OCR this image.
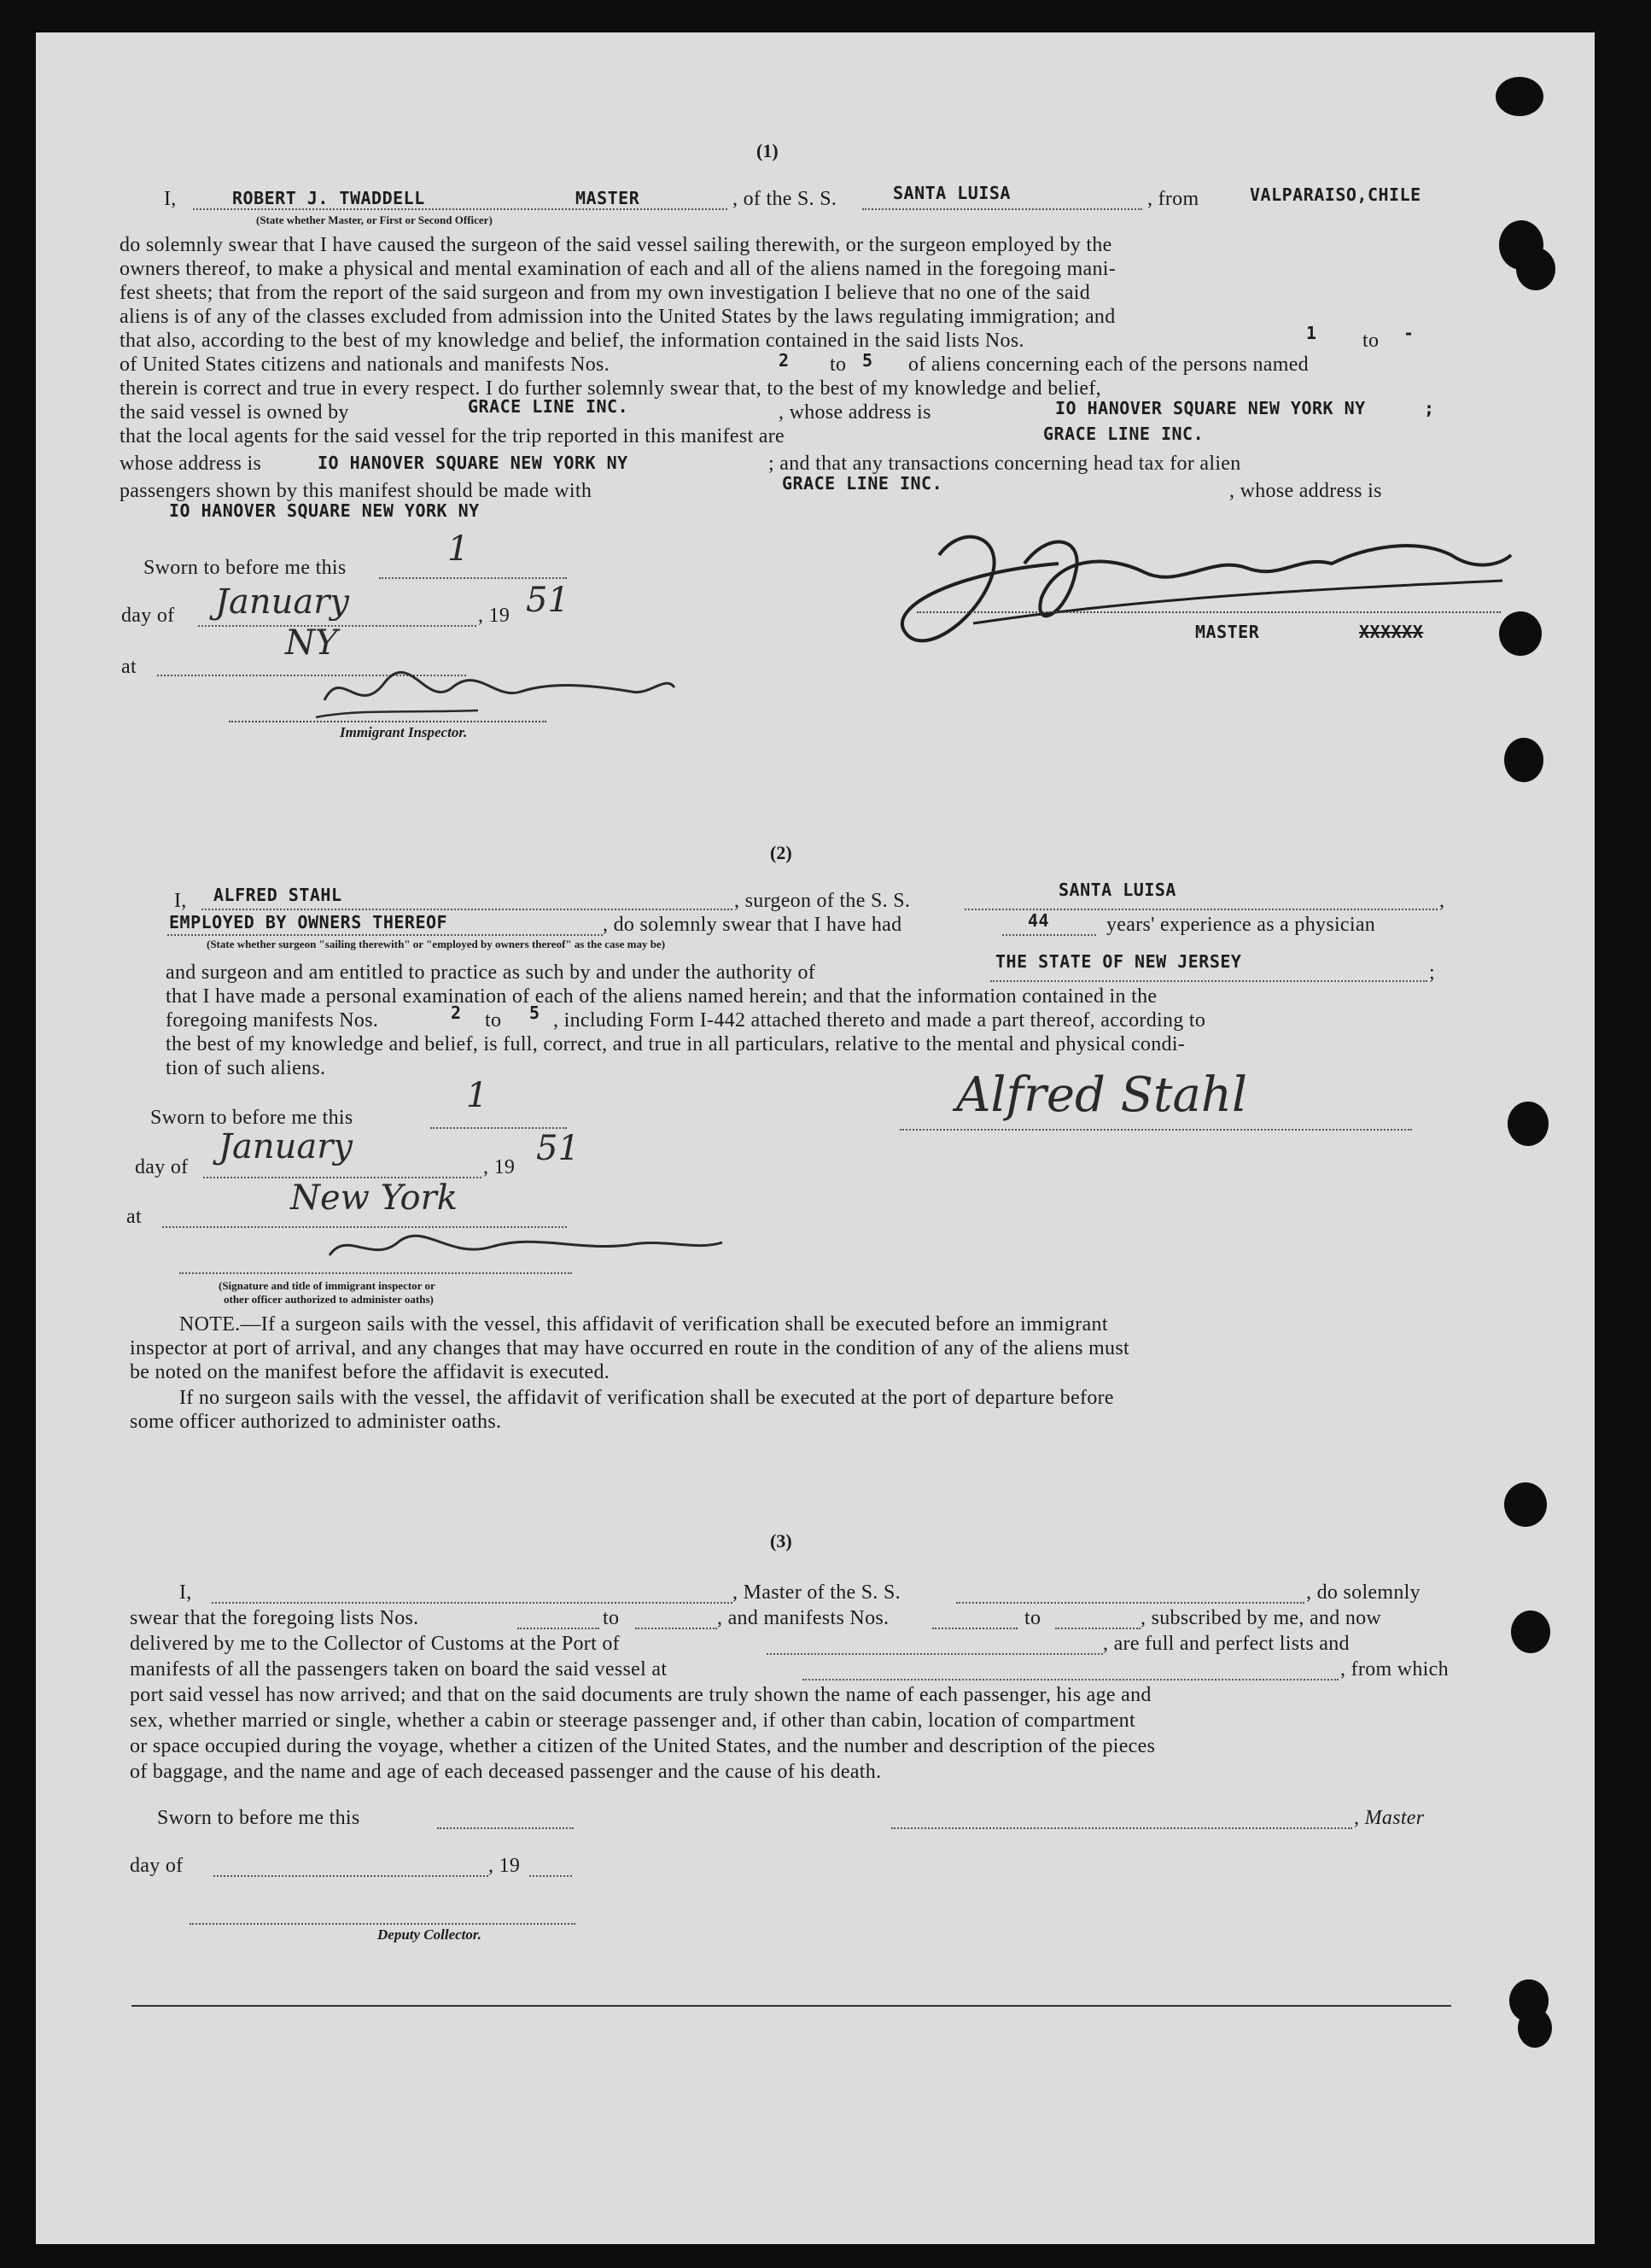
(1)
I,	ROBERT J. TWADDELL	MASTER	, of the S. S.	SANTA LUISA	, from	VALPARAISO,CHILE
(State whether Master, or First or Second Officer)
do solemnly swear that I have caused the surgeon of the said vessel sailing therewith, or the surgeon employed by the
owners thereof, to make a physical and mental examination of each and all of the aliens named in the foregoing mani-
fest sheets; that from the report of the said surgeon and from my own investigation I believe that no one of the said
aliens is of any of the classes excluded from admission into the United States by the laws regulating immigration; and
that also, according to the best of my knowledge and belief, the information contained in the said lists Nos.	1 to -
of United States citizens and nationals and manifests Nos.	2 to 5 of aliens concerning each of the persons named
therein is correct and true in every respect. I do further solemnly swear that, to the best of my knowledge and belief,
the said vessel is owned by	GRACE LINE INC.	, whose address is	IO HANOVER SQUARE NEW YORK NY	;
that the local agents for the said vessel for the trip reported in this manifest are	GRACE LINE INC.
whose address is	IO HANOVER SQUARE NEW YORK NY	; and that any transactions concerning head tax for alien
passengers shown by this manifest should be made with	GRACE LINE INC.	, whose address is
IO HANOVER SQUARE NEW YORK NY
Sworn to before me this	1
day of January	, 19 51
at
NY
Immigrant Inspector.
MASTER	XXXXXX
(2)
I, ALFRED STAHL	, surgeon of the S. S.	SANTA LUISA	,
EMPLOYED BY OWNERS THEREOF	, do solemnly swear that I have had	44	years' experience as a physician
(State whether surgeon "sailing therewith" or "employed by owners thereof" as the case may be)
and surgeon and am entitled to practice as such by and under the authority of	THE STATE OF NEW JERSEY	;
that I have made a personal examination of each of the aliens named herein; and that the information contained in the
foregoing manifests Nos.	2 to 5 , including Form I-442 attached thereto and made a part thereof, according to
the best of my knowledge and belief, is full, correct, and true in all particulars, relative to the mental and physical condi-
tion of such aliens.	Alfred Stahl
Sworn to before me this
1
day of
January
, 19 51
at	New York
(Signature and title of immigrant inspector or
other officer authorized to administer oaths)
NOTE.—If a surgeon sails with the vessel, this affidavit of verification shall be executed before an immigrant
inspector at port of arrival, and any changes that may have occurred en route in the condition of any of the aliens must
be noted on the manifest before the affidavit is executed.
If no surgeon sails with the vessel, the affidavit of verification shall be executed at the port of departure before
some officer authorized to administer oaths.
(3)
I,	, Master of the S. S.	, do solemnly
swear that the foregoing lists Nos.	to	, and manifests Nos.	to	, subscribed by me, and now
delivered by me to the Collector of Customs at the Port of	, are full and perfect lists and
manifests of all the passengers taken on board the said vessel at	, from which
port said vessel has now arrived; and that on the said documents are truly shown the name of each passenger, his age and
sex, whether married or single, whether a cabin or steerage passenger and, if other than cabin, location of compartment
or space occupied during the voyage, whether a citizen of the United States, and the number and description of the pieces
of baggage, and the name and age of each deceased passenger and the cause of his death.
Sworn to before me this	, Master
day of	, 19
Deputy Collector.
